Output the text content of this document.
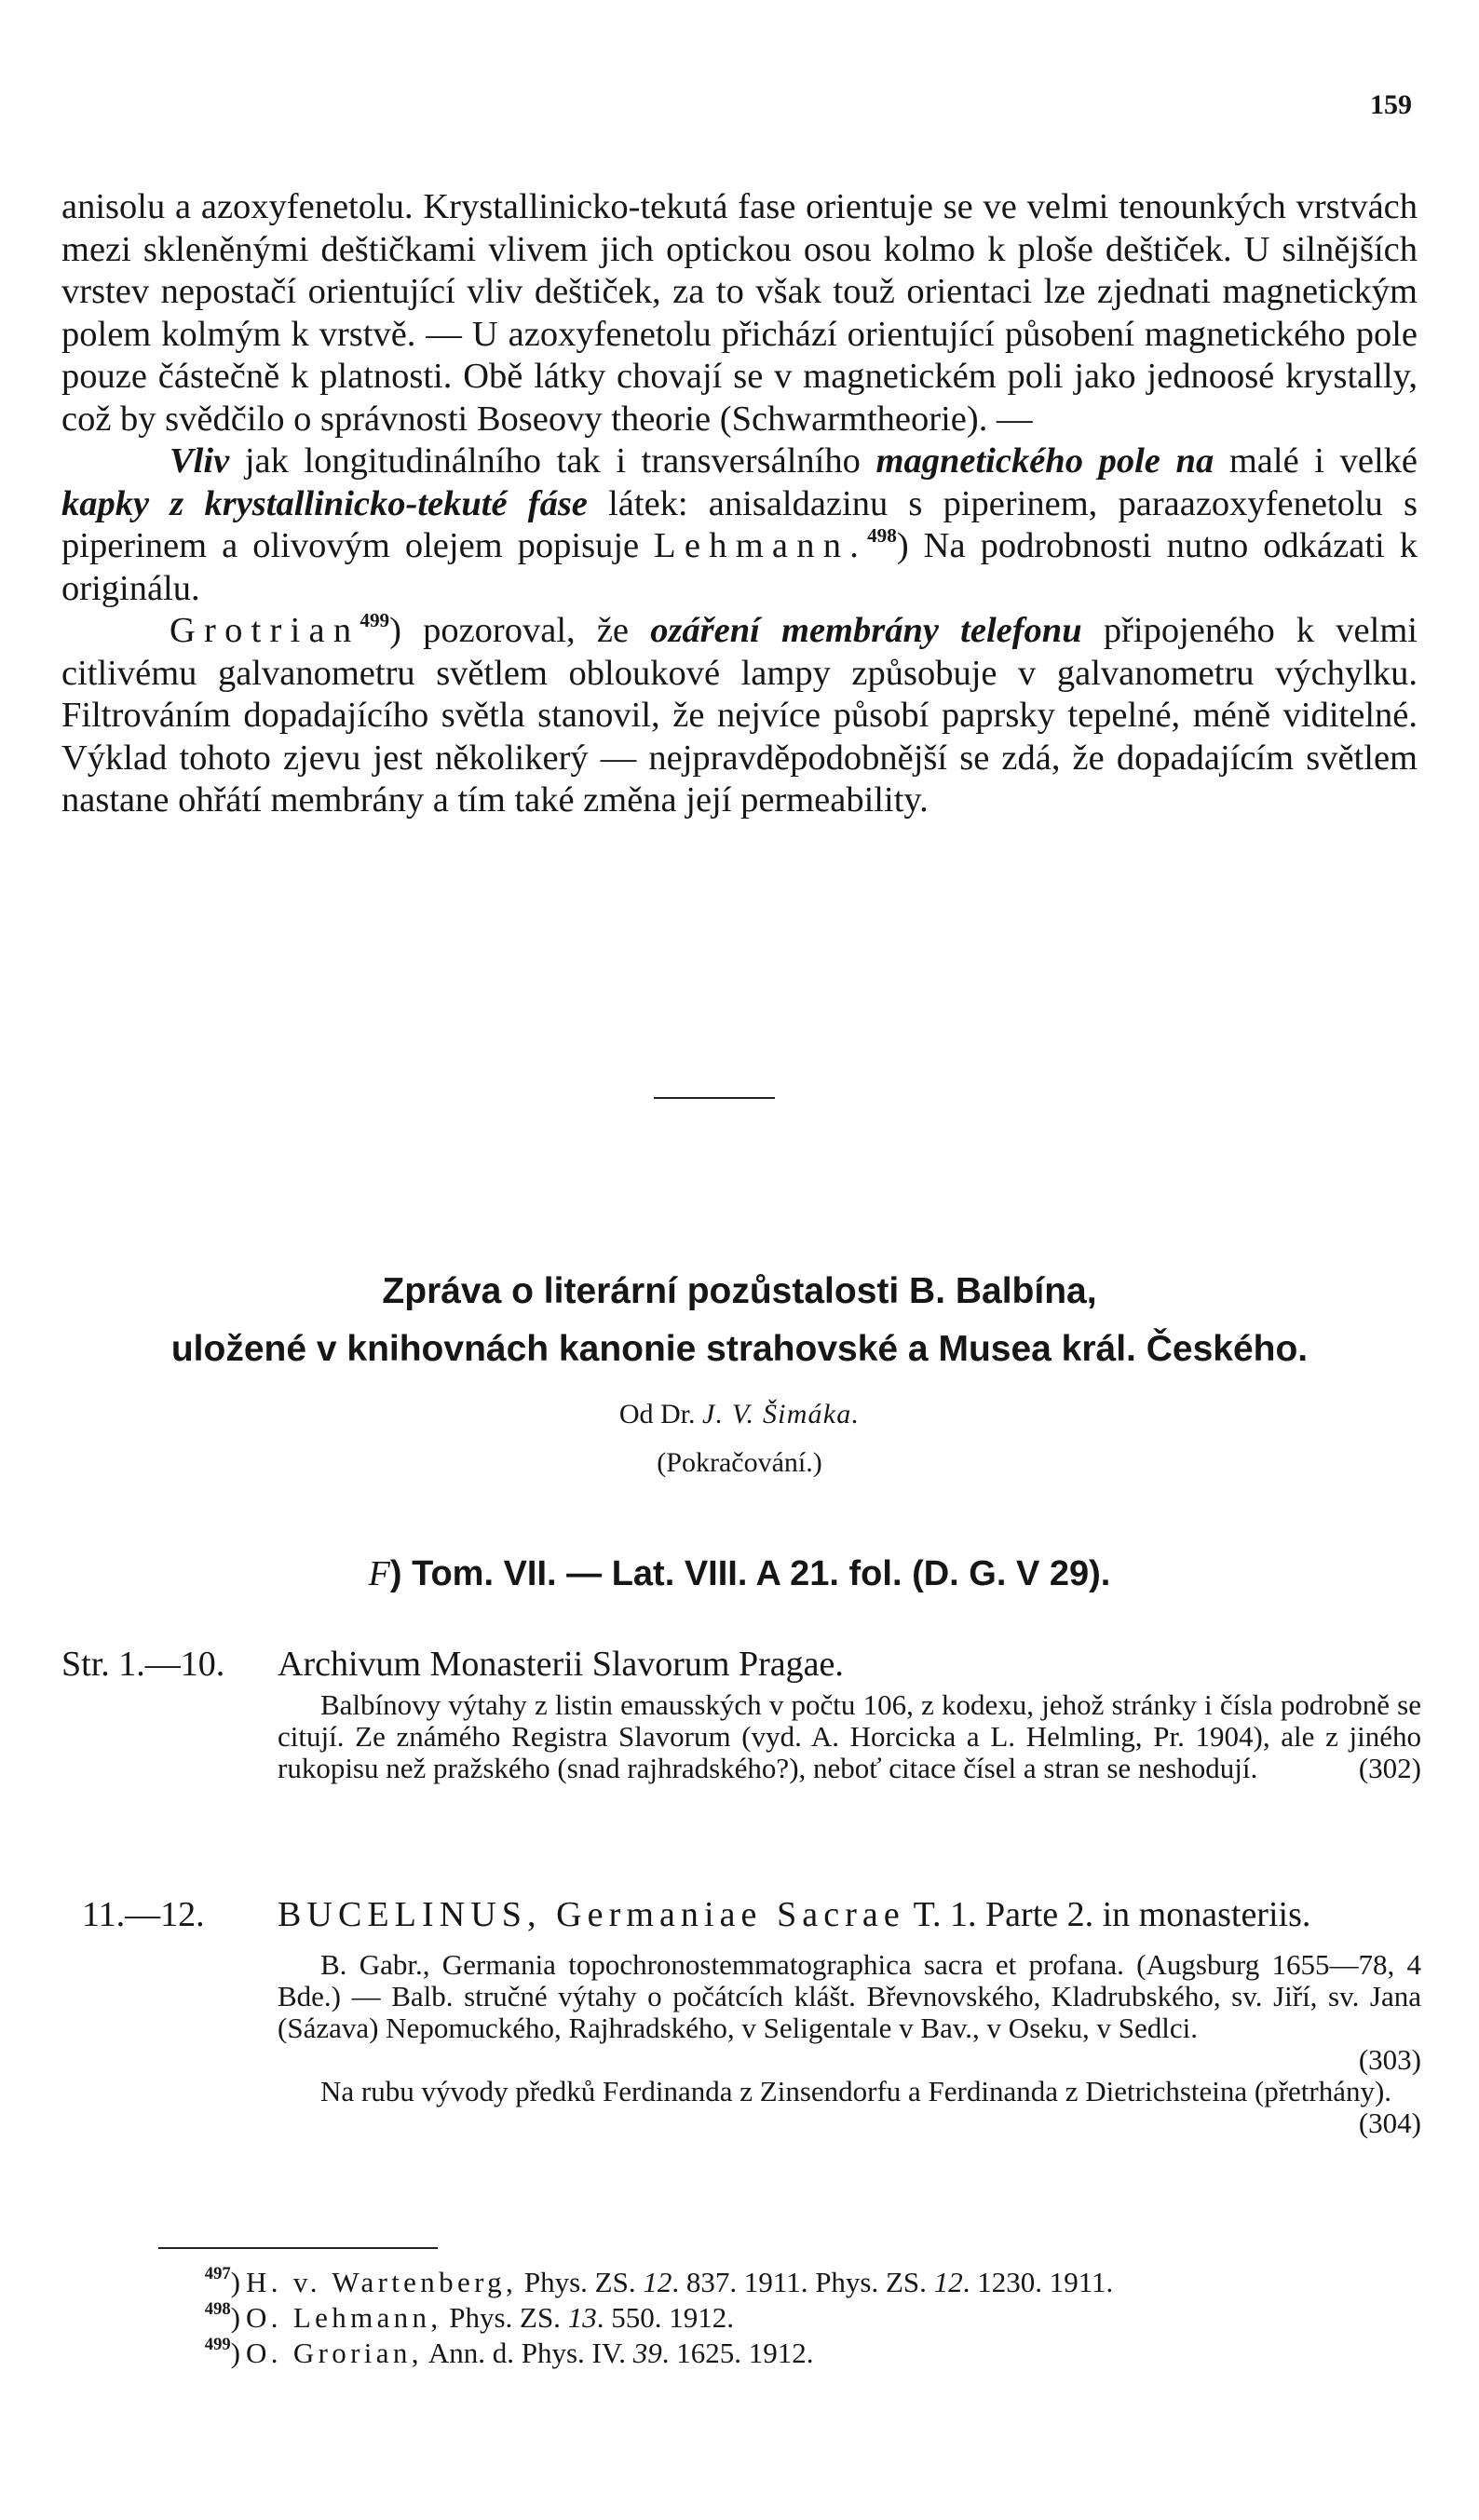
159

anisolu a azoxyfenetolu. Krystallinicko-tekutá fase orientuje se ve velmi tenounkých vrstvách mezi skleněnými deštičkami vlivem jich optickou osou kolmo k ploše deštiček. U silnějších vrstev nepostačí orientující vliv deštiček, za to však touž orientaci lze zjednati magnetickým polem kolmým k vrstvě. — U azoxyfenetolu přichází orientující působení magnetického pole pouze částečně k platnosti. Obě látky chovají se v magnetickém poli jako jednoosé krystally, což by svědčilo o správnosti Boseovy theorie (Schwarmtheorie). —

Vliv jak longitudinálního tak i transversálního magnetického pole na malé i velké kapky z krystallinicko-tekuté fáse látek: anisaldazinu s piperinem, paraazoxyfenetolu s piperinem a olivovým olejem popisuje Lehmann.$^{498}$) Na podrobnosti nutno odkázati k originálu.

Grotrian$^{499}$) pozoroval, že ozáření membrány telefonu připojeného k velmi citlivému galvanometru světlem obloukové lampy způsobuje v galvanometru výchylku. Filtrováním dopadajícího světla stanovil, že nejvíce působí paprsky tepelné, méně viditelné. Výklad tohoto zjevu jest několikerý — nejpravděpodobnější se zdá, že dopadajícím světlem nastane ohřátí membrány a tím také změna její permeability.

Zpráva o literární pozůstalosti B. Balbína,
uložené v knihovnách kanonie strahovské a Musea král. Českého.
Od Dr. J. V. Šimáka.
(Pokračování.)
F) Tom. VII. — Lat. VIII. A 21. fol. (D. G. V 29).
Str. 1.—10.	Archivum Monasterii Slavorum Pragae.

Balbínovy výtahy z listin emausských v počtu 106, z kodexu, jehož stránky i čísla podrobně se citují. Ze známého Registra Slavorum (vyd. A. Horcicka a L. Helmling, Pr. 1904), ale z jiného rukopisu než pražského (snad rajhradského?), neboť citace čísel a stran se neshodují.	(302)

11.—12.	BUCELINUS, Germaniae Sacrae T. 1. Parte 2. in monasteriis.

B. Gabr., Germania topochronostemmatographica sacra et profana. (Augsburg 1655—78, 4 Bde.) — Balb. stručné výtahy o počátcích klášt. Břevnovského, Kladrubského, sv. Jiří, sv. Jana (Sázava) Nepomuckého, Rajhradského, v Seligentale v Bav., v Oseku, v Sedlci.

(303)

Na rubu vývody předků Ferdinanda z Zinsendorfu a Ferdinanda z Dietrichsteina (přetrhány).
(304)

$^{497}$) H. v. Wartenberg, Phys. ZS. 12. 837. 1911. Phys. ZS. 12. 1230. 1911.
$^{498}$) O. Lehmann, Phys. ZS. 13. 550. 1912.
$^{499}$) O. Grorian, Ann. d. Phys. IV. 39. 1625. 1912.
